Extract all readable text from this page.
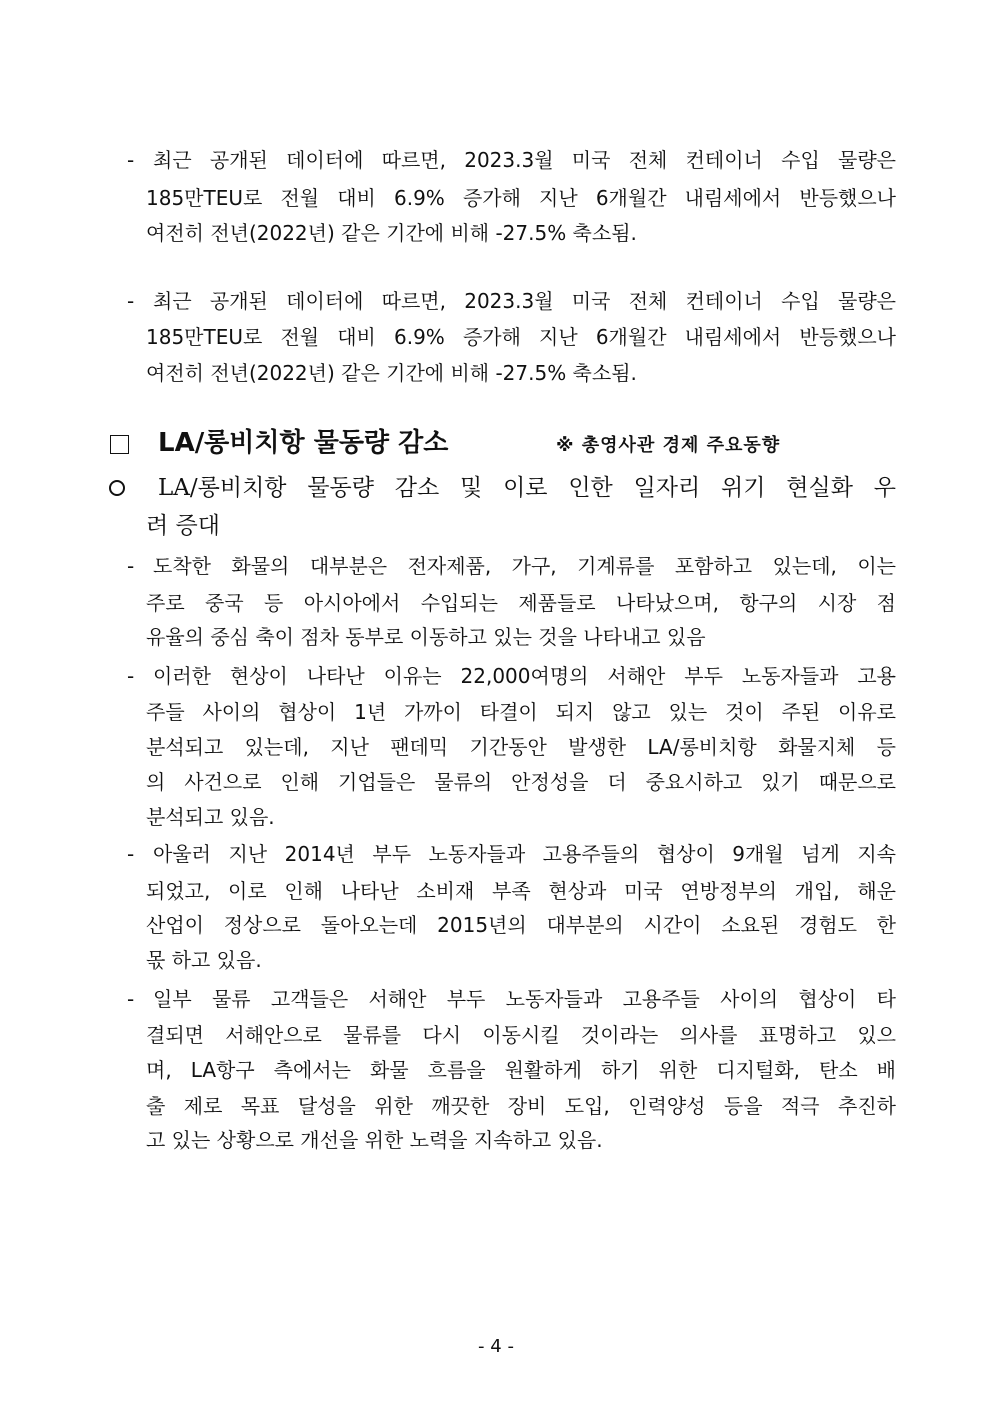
- 최근 공개된 데이터에 따르면, 2023.3월 미국 전체 컨테이너 수입 물량은
185만TEU로 전월 대비 6.9% 증가해 지난 6개월간 내림세에서 반등했으나
여전히 전년(2022년) 같은 기간에 비해 -27.5% 축소됨.
- 최근 공개된 데이터에 따르면, 2023.3월 미국 전체 컨테이너 수입 물량은
185만TEU로 전월 대비 6.9% 증가해 지난 6개월간 내림세에서 반등했으나
여전히 전년(2022년) 같은 기간에 비해 -27.5% 축소됨.
LA/롱비치항 물동량 감소	※ 총영사관 경제 주요동향
LA/롱비치항 물동량 감소 및 이로 인한 일자리 위기 현실화 우
려 증대
- 도착한 화물의 대부분은 전자제품, 가구, 기계류를 포함하고 있는데, 이는
주로 중국 등 아시아에서 수입되는 제품들로 나타났으며, 항구의 시장 점
유율의 중심 축이 점차 동부로 이동하고 있는 것을 나타내고 있음
- 이러한 현상이 나타난 이유는 22,000여명의 서해안 부두 노동자들과 고용
주들 사이의 협상이 1년 가까이 타결이 되지 않고 있는 것이 주된 이유로
분석되고 있는데, 지난 팬데믹 기간동안 발생한 LA/롱비치항 화물지체 등
의 사건으로 인해 기업들은 물류의 안정성을 더 중요시하고 있기 때문으로
분석되고 있음.
- 아울러 지난 2014년 부두 노동자들과 고용주들의 협상이 9개월 넘게 지속
되었고, 이로 인해 나타난 소비재 부족 현상과 미국 연방정부의 개입, 해운
산업이 정상으로 돌아오는데 2015년의 대부분의 시간이 소요된 경험도 한
몫 하고 있음.
- 일부 물류 고객들은 서해안 부두 노동자들과 고용주들 사이의 협상이 타
결되면 서해안으로 물류를 다시 이동시킬 것이라는 의사를 표명하고 있으
며, LA항구 측에서는 화물 흐름을 원활하게 하기 위한 디지털화, 탄소 배
출 제로 목표 달성을 위한 깨끗한 장비 도입, 인력양성 등을 적극 추진하
고 있는 상황으로 개선을 위한 노력을 지속하고 있음.
- 4 -
